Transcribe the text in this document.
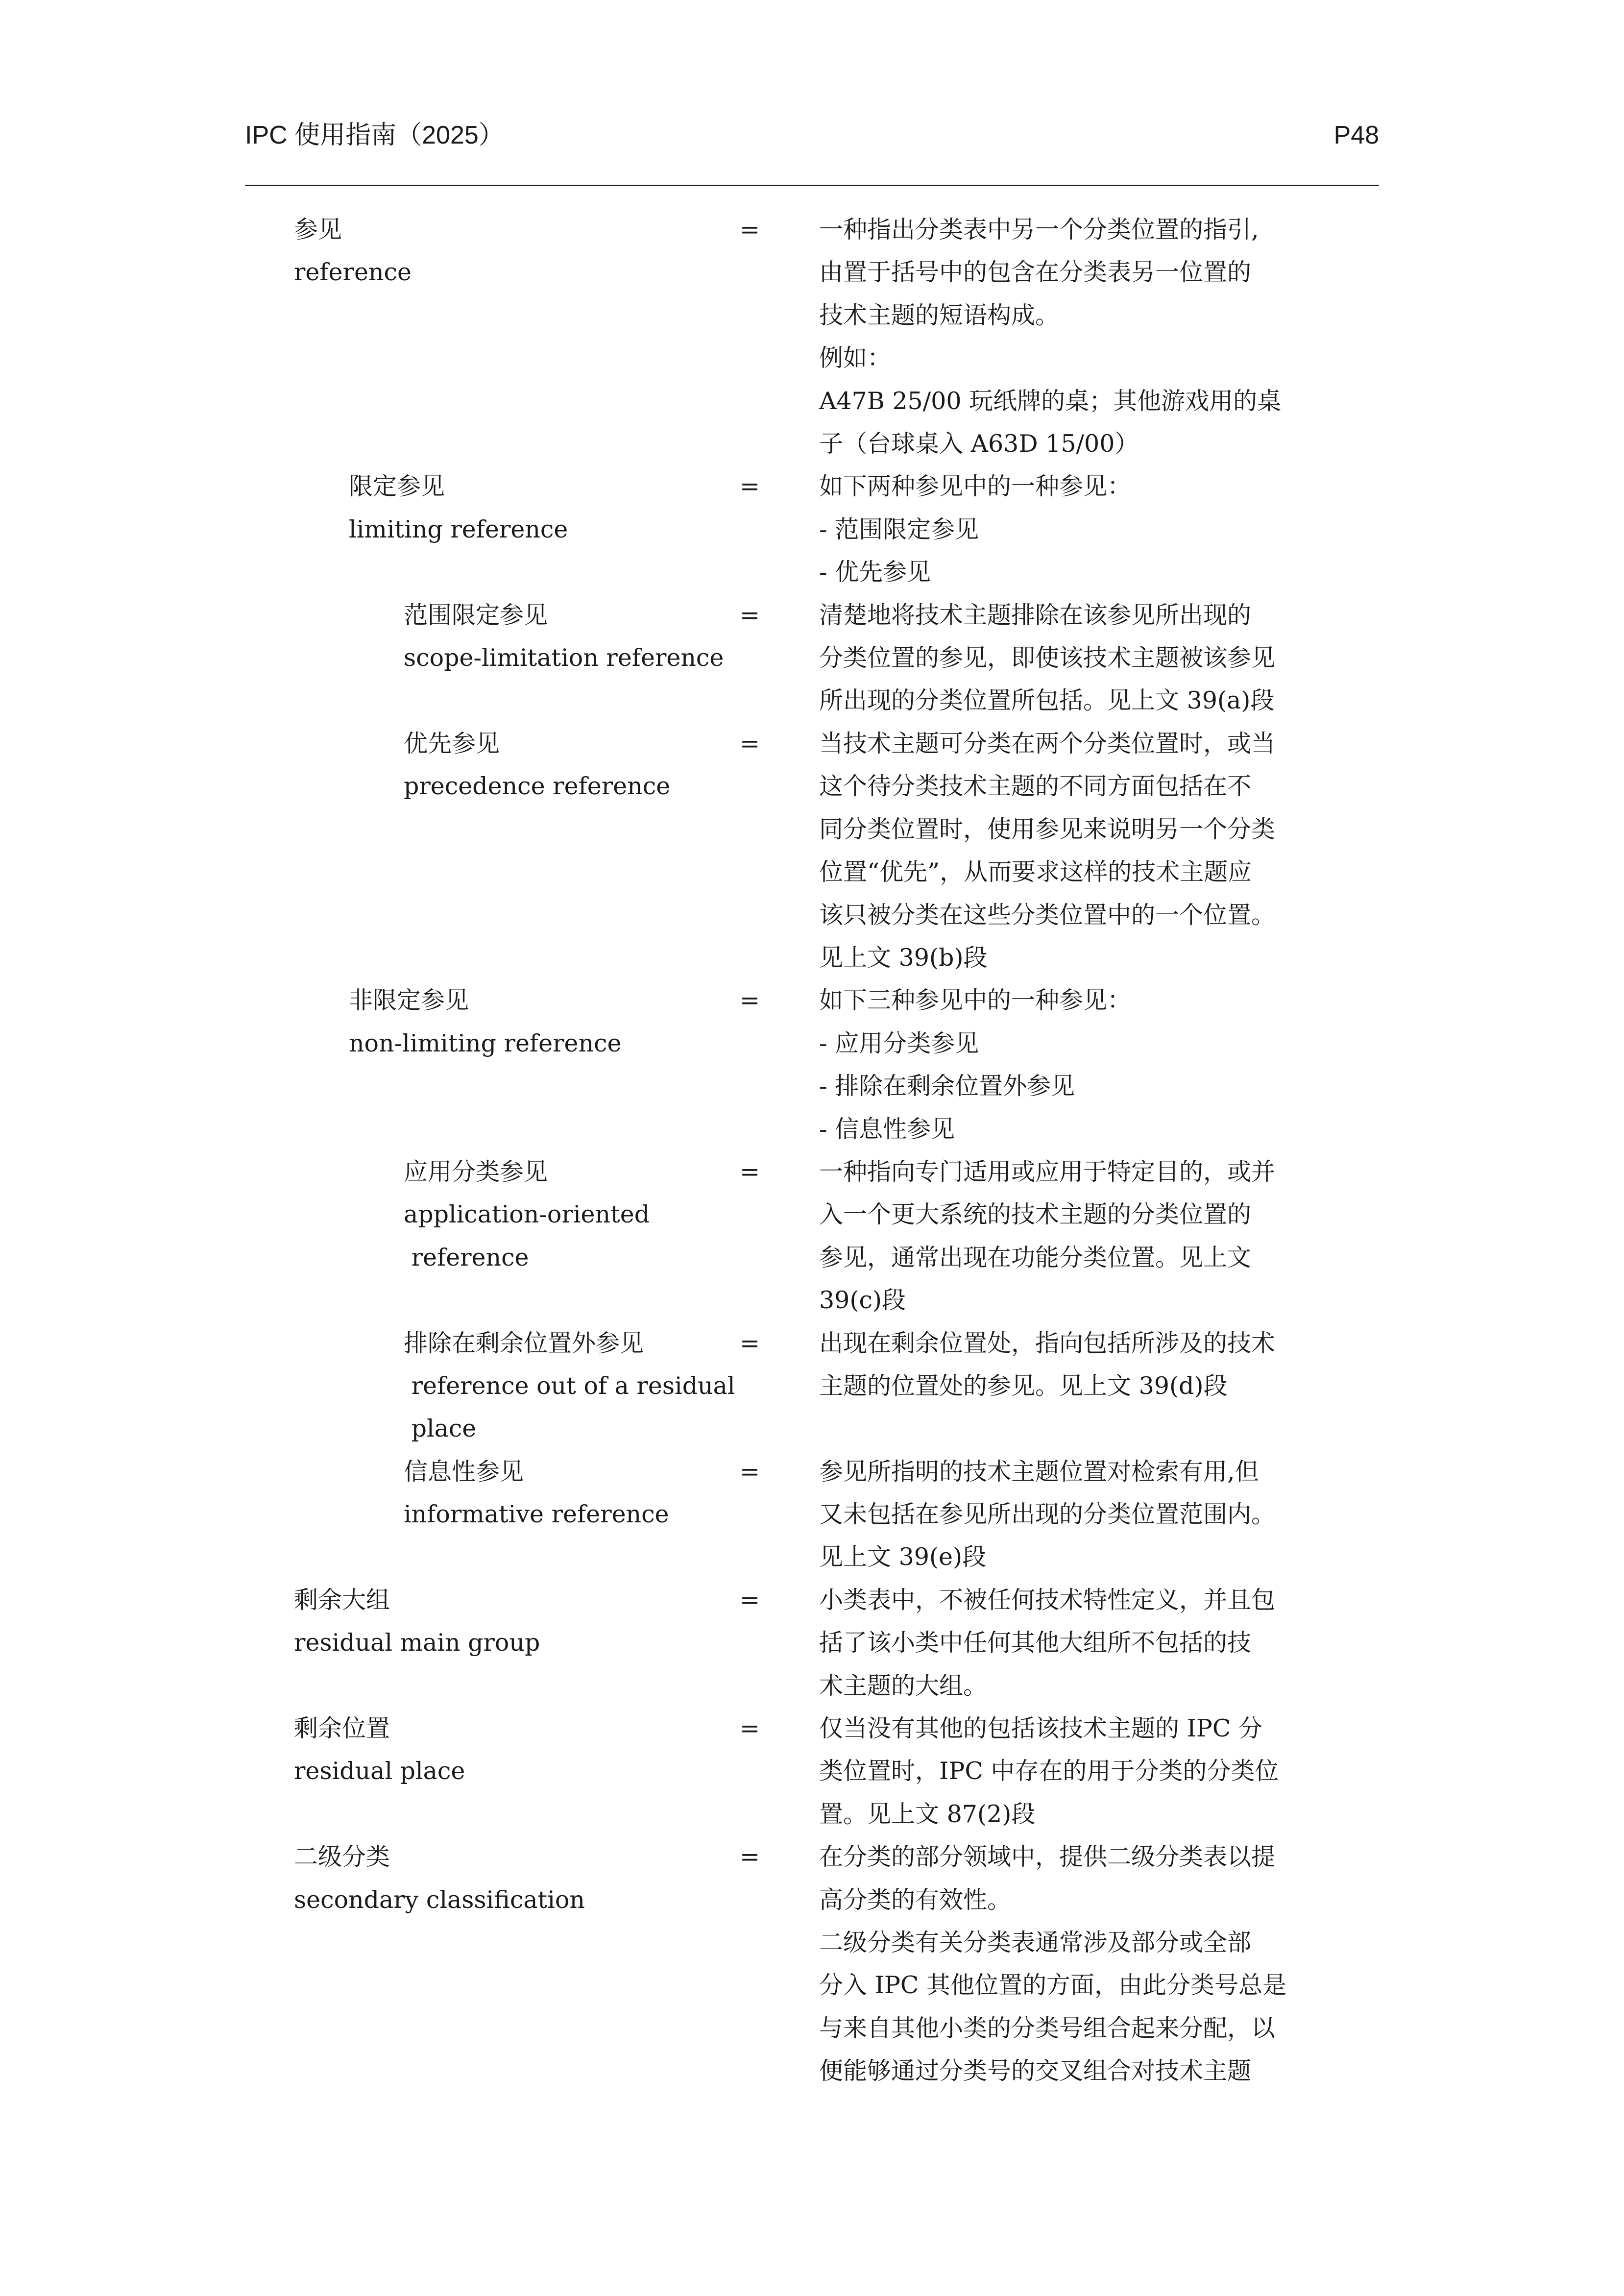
IPC 使用指南（2025）	P48
参见
reference
= 一种指出分类表中另一个分类位置的指引,
由置于括号中的包含在分类表另一位置的
技术主题的短语构成。
例如：
A47B 25/00 玩纸牌的桌；其他游戏用的桌
子（台球桌入 A63D 15/00）
限定参见
limiting reference
= 如下两种参见中的一种参见：
- 范围限定参见
- 优先参见
范围限定参见
scope-limitation reference
= 清楚地将技术主题排除在该参见所出现的
分类位置的参见，即使该技术主题被该参见
所出现的分类位置所包括。见上文 39(a)段
优先参见
precedence reference
= 当技术主题可分类在两个分类位置时，或当
这个待分类技术主题的不同方面包括在不
同分类位置时，使用参见来说明另一个分类
位置“优先”，从而要求这样的技术主题应
该只被分类在这些分类位置中的一个位置。
见上文 39(b)段
非限定参见
non-limiting reference
= 如下三种参见中的一种参见：
- 应用分类参见
- 排除在剩余位置外参见
- 信息性参见
应用分类参见
application-oriented
reference
= 一种指向专门适用或应用于特定目的，或并
入一个更大系统的技术主题的分类位置的
参见，通常出现在功能分类位置。见上文
39(c)段
排除在剩余位置外参见
reference out of a residual
place
= 出现在剩余位置处，指向包括所涉及的技术
主题的位置处的参见。见上文 39(d)段
信息性参见
informative reference
= 参见所指明的技术主题位置对检索有用,但
又未包括在参见所出现的分类位置范围内。
见上文 39(e)段
剩余大组
residual main group
= 小类表中，不被任何技术特性定义，并且包
括了该小类中任何其他大组所不包括的技
术主题的大组。
剩余位置
residual place
= 仅当没有其他的包括该技术主题的 IPC 分
类位置时，IPC 中存在的用于分类的分类位
置。见上文 87(2)段
二级分类
secondary classification
= 在分类的部分领域中，提供二级分类表以提
高分类的有效性。
二级分类有关分类表通常涉及部分或全部
分入 IPC 其他位置的方面，由此分类号总是
与来自其他小类的分类号组合起来分配，以
便能够通过分类号的交叉组合对技术主题
